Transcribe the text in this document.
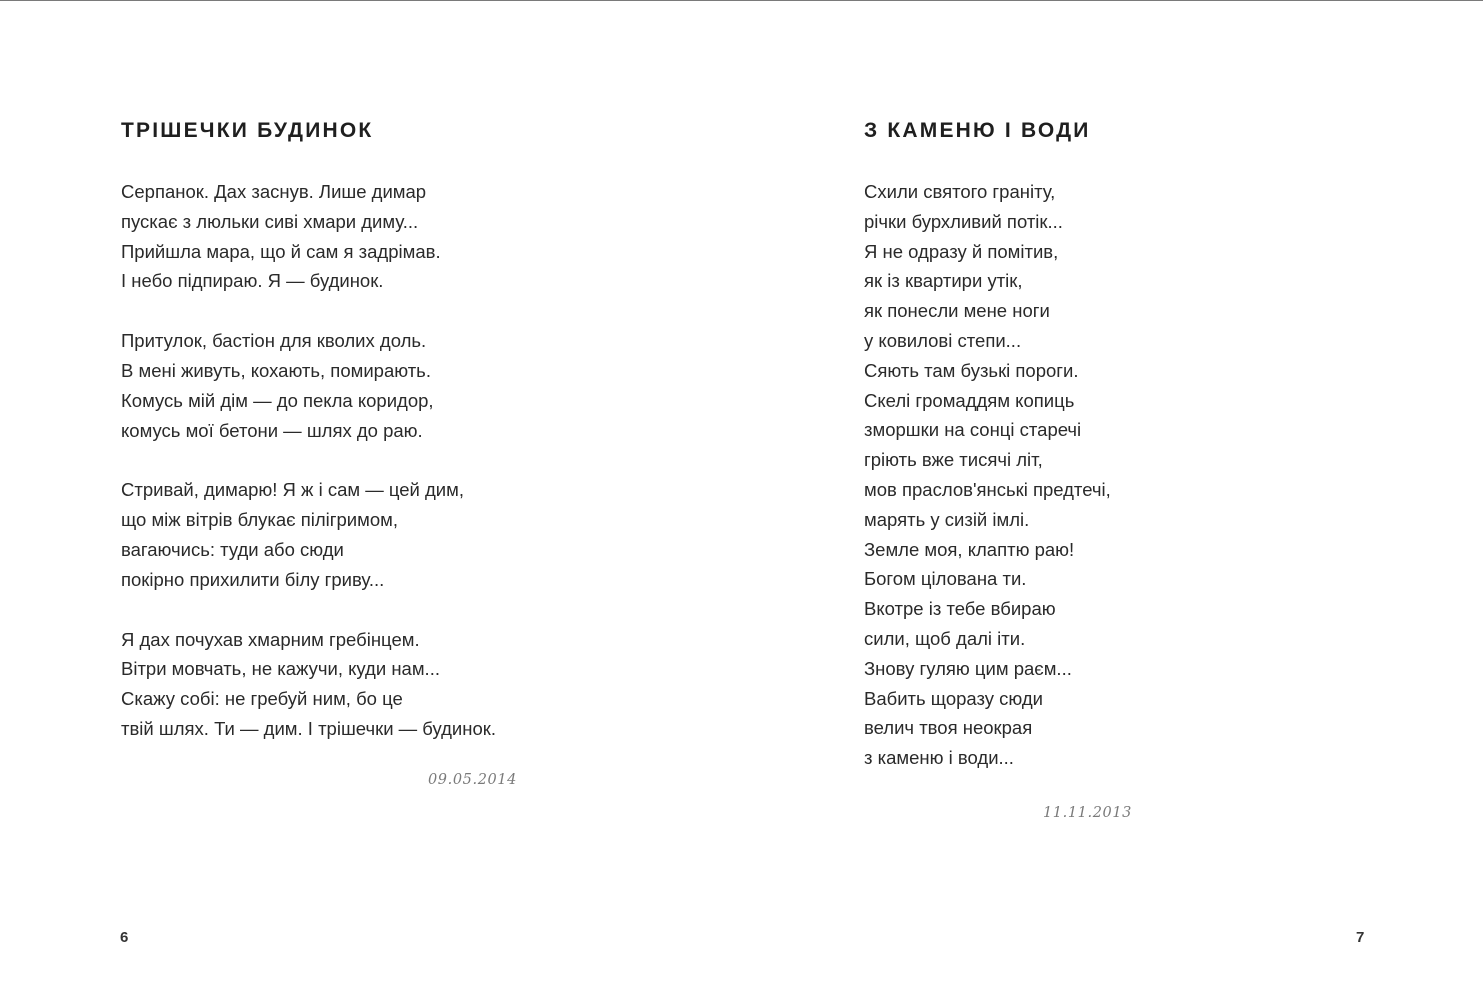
ТРІШЕЧКИ БУДИНОК
Серпанок. Дах заснув. Лише димар
пускає з люльки сиві хмари диму...
Прийшла мара, що й сам я задрімав.
І небо підпираю. Я — будинок.
Притулок, бастіон для кволих доль.
В мені живуть, кохають, помирають.
Комусь мій дім — до пекла коридор,
комусь мої бетони — шлях до раю.
Стривай, димарю! Я ж і сам — цей дим,
що між вітрів блукає пілігримом,
вагаючись: туди або сюди
покірно прихилити білу гриву...
Я дах почухав хмарним гребінцем.
Вітри мовчать, не кажучи, куди нам...
Скажу собі: не гребуй ним, бо це
твій шлях. Ти — дим. І трішечки — будинок.
09.05.2014
6
З КАМЕНЮ І ВОДИ
Схили святого граніту,
річки бурхливий потік...
Я не одразу й помітив,
як із квартири утік,
як понесли мене ноги
у ковилові степи...
Сяють там бузькі пороги.
Скелі громаддям копиць
зморшки на сонці старечі
гріють вже тисячі літ,
мов праслов'янські предтечі,
марять у сизій імлі.
Земле моя, клаптю раю!
Богом цілована ти.
Вкотре із тебе вбираю
сили, щоб далі іти.
Знову гуляю цим раєм...
Вабить щоразу сюди
велич твоя неокрая
з каменю і води...
11.11.2013
7
